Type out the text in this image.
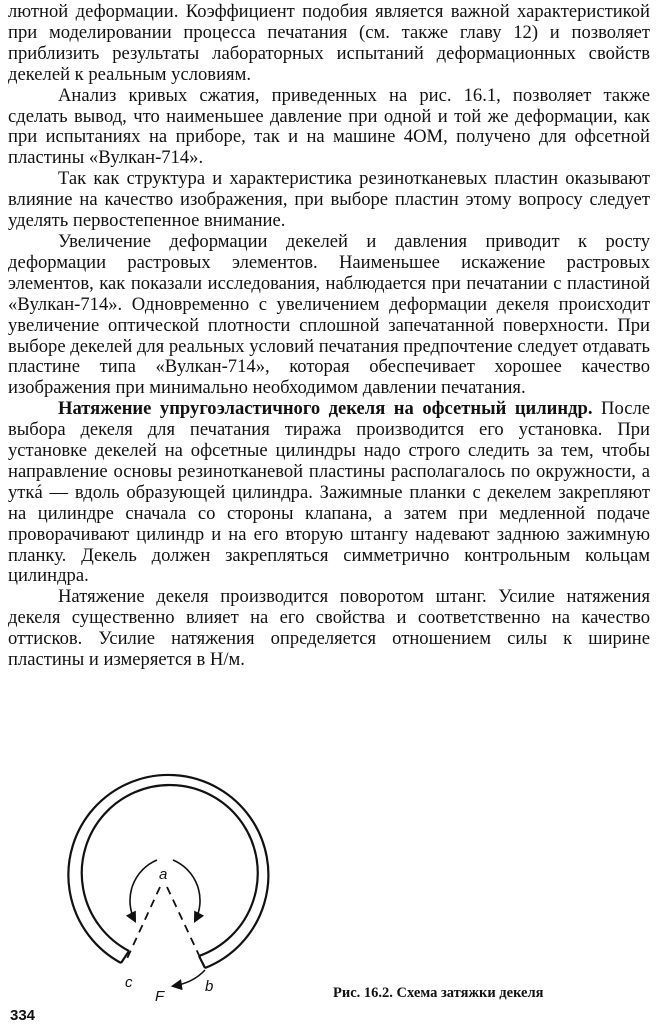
лютной деформации. Коэффициент подобия является важной характеристикой при моделировании процесса печатания (см. также главу 12) и позволяет приблизить результаты лабораторных испытаний деформационных свойств декелей к реальным условиям.

Анализ кривых сжатия, приведенных на рис. 16.1, позволяет также сделать вывод, что наименьшее давление при одной и той же деформации, как при испытаниях на приборе, так и на машине 4ОМ, получено для офсетной пластины «Вулкан-714».

Так как структура и характеристика резинотканевых пластин оказывают влияние на качество изображения, при выборе пластин этому вопросу следует уделять первостепенное внимание.

Увеличение деформации декелей и давления приводит к росту деформации растровых элементов. Наименьшее искажение растровых элементов, как показали исследования, наблюдается при печатании с пластиной «Вулкан-714». Одновременно с увеличением деформации декеля происходит увеличение оптической плотности сплошной запечатанной поверхности. При выборе декелей для реальных условий печатания предпочтение следует отдавать пластине типа «Вулкан-714», которая обеспечивает хорошее качество изображения при минимально необходимом давлении печатания.

Натяжение упругоэластичного декеля на офсетный цилиндр. После выбора декеля для печатания тиража производится его установка. При установке декелей на офсетные цилиндры надо строго следить за тем, чтобы направление основы резинотканевой пластины располагалось по окружности, а уткá — вдоль образующей цилиндра. Зажимные планки с декелем закрепляют на цилиндре сначала со стороны клапана, а затем при медленной подаче проворачивают цилиндр и на его вторую штангу надевают заднюю зажимную планку. Декель должен закрепляться симметрично контрольным кольцам цилиндра.

Натяжение декеля производится поворотом штанг. Усилие натяжения декеля существенно влияет на его свойства и соответственно на качество оттисков. Усилие натяжения определяется отношением силы к ширине пластины и измеряется в Н/м.

a
c	b
F	Рис. 16.2. Схема затяжки декеля
334
